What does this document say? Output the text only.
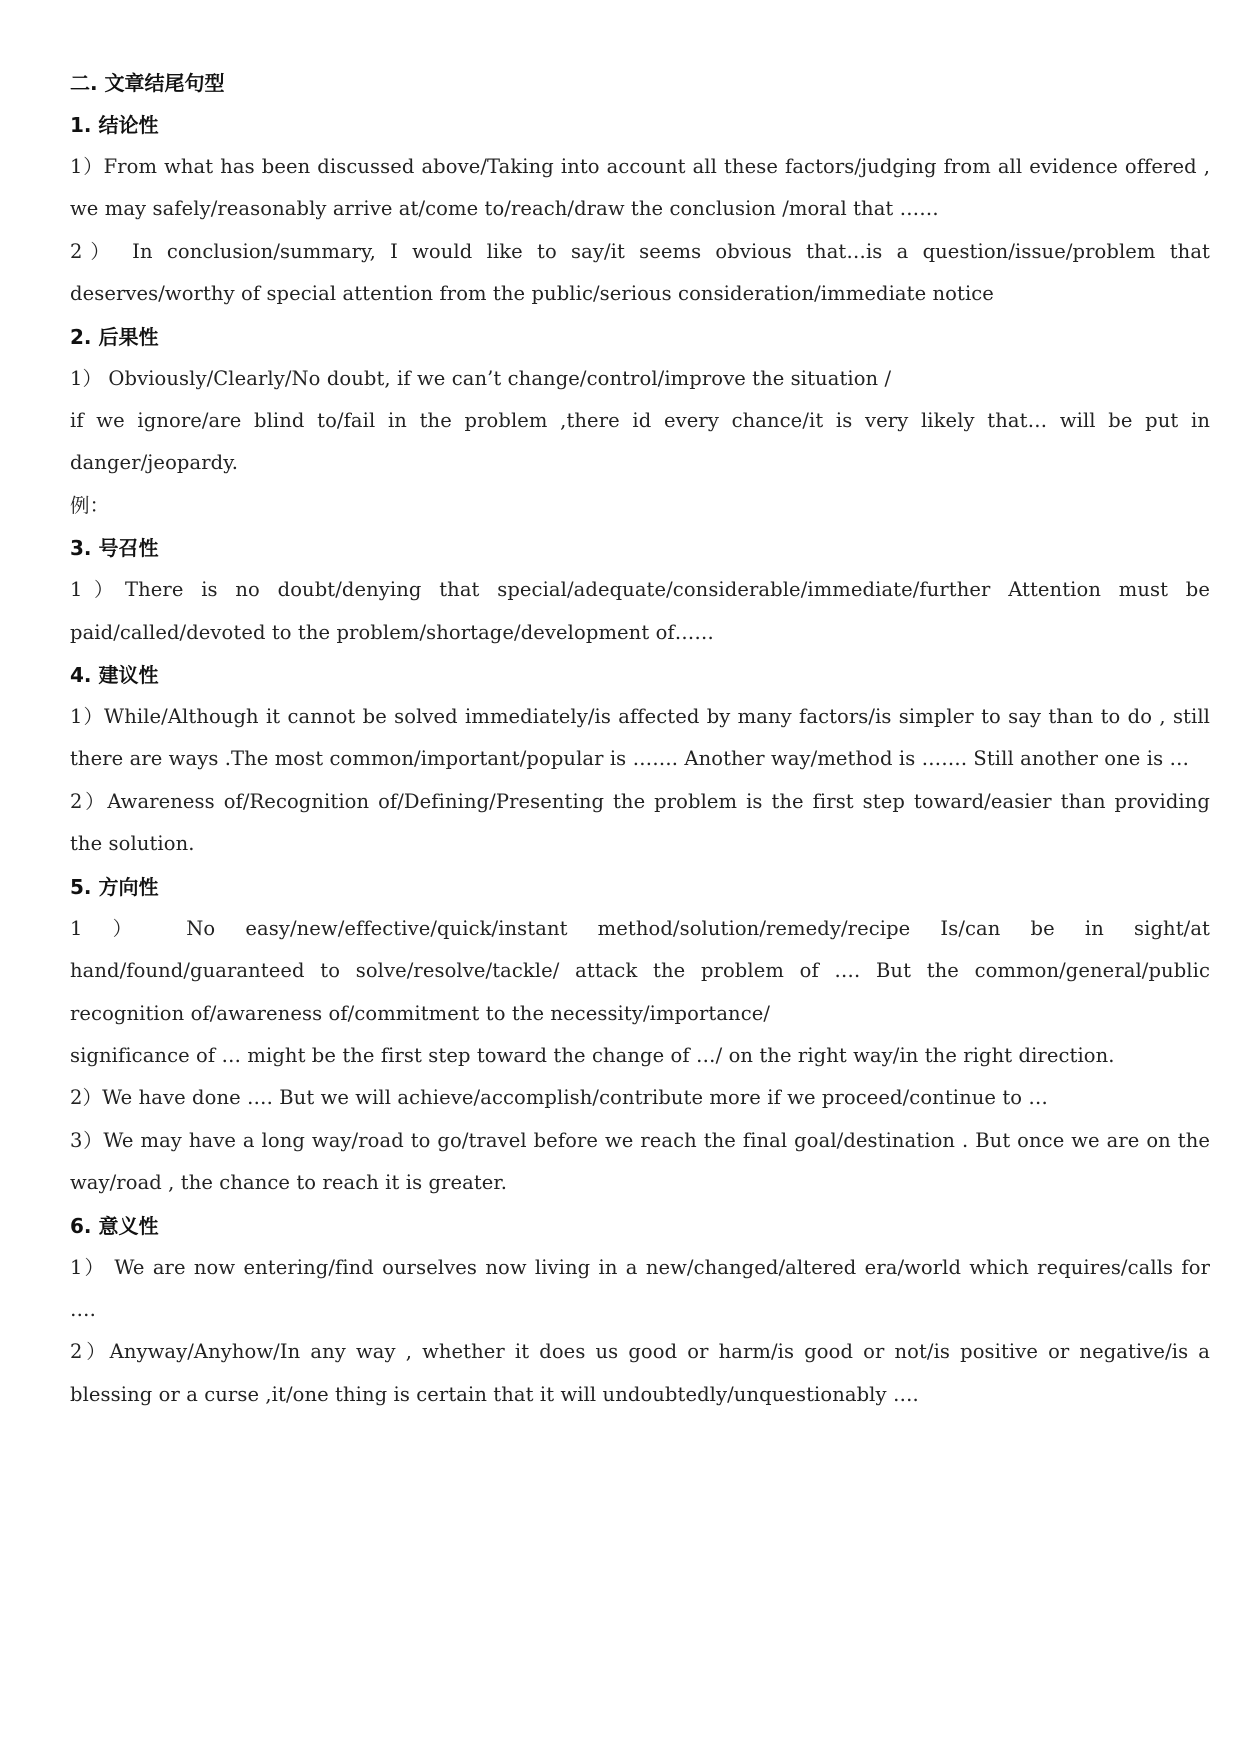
二. 文章结尾句型
1. 结论性

1）From what has been discussed above/Taking into account all these factors/judging from all evidence offered , we may safely/reasonably arrive at/come to/reach/draw the conclusion /moral that ……

2） In conclusion/summary, I would like to say/it seems obvious that…is a question/issue/problem that deserves/worthy of special attention from the public/serious consideration/immediate notice

2. 后果性

1） Obviously/Clearly/No doubt, if we can’t change/control/improve the situation /

if we ignore/are blind to/fail in the problem ,there id every chance/it is very likely that… will be put in danger/jeopardy.

例：

3. 号召性

1）There is no doubt/denying that special/adequate/considerable/immediate/further Attention must be paid/called/devoted to the problem/shortage/development of……

4. 建议性

1）While/Although it cannot be solved immediately/is affected by many factors/is simpler to say than to do , still there are ways .The most common/important/popular is ……. Another way/method is ……. Still another one is …

2）Awareness of/Recognition of/Defining/Presenting the problem is the first step toward/easier than providing the solution.

5. 方向性

1 ） No easy/new/effective/quick/instant method/solution/remedy/recipe Is/can be in sight/at hand/found/guaranteed to solve/resolve/tackle/ attack the problem of …. But the common/general/public recognition of/awareness of/commitment to the necessity/importance/

significance of … might be the first step toward the change of …/ on the right way/in the right direction.

2）We have done …. But we will achieve/accomplish/contribute more if we proceed/continue to …

3）We may have a long way/road to go/travel before we reach the final goal/destination . But once we are on the way/road , the chance to reach it is greater.

6. 意义性

1） We are now entering/find ourselves now living in a new/changed/altered era/world which requires/calls for ….

2）Anyway/Anyhow/In any way , whether it does us good or harm/is good or not/is positive or negative/is a blessing or a curse ,it/one thing is certain that it will undoubtedly/unquestionably ….
